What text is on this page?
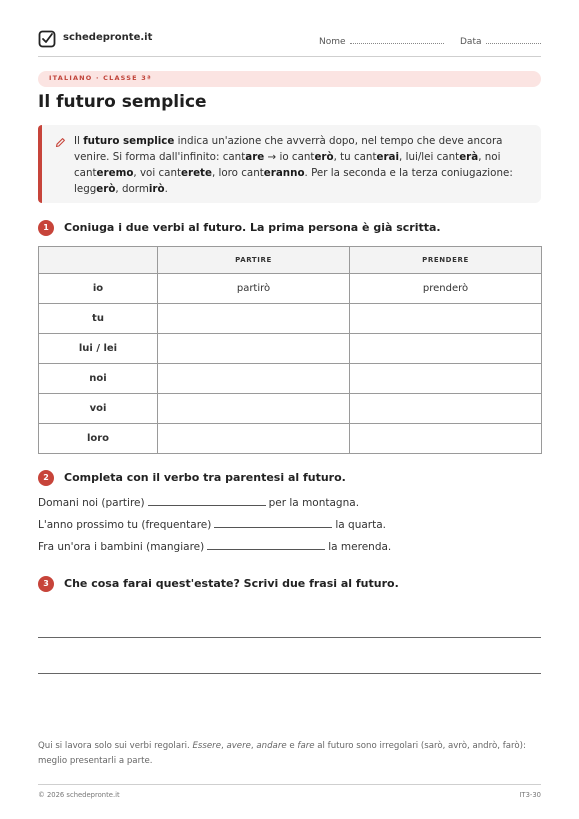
schedepronte.it	Nome	Data
ITALIANO · CLASSE 3ª
Il futuro semplice

Il futuro semplice indica un'azione che avverrà dopo, nel tempo che deve ancora venire. Si forma dall'infinito: cantare → io canterò, tu canterai, lui/lei canterà, noi canteremo, voi canterete, loro canteranno. Per la seconda e la terza coniugazione: leggerò, dormirò.

1	Coniuga i due verbi al futuro. La prima persona è già scritta.
	PARTIRE	PRENDERE
io	partirò	prenderò
tu		
lui / lei		
noi		
voi		
loro		
2	Completa con il verbo tra parentesi al futuro.
Domani noi (partire)	per la montagna.
L'anno prossimo tu (frequentare)	la quarta.
Fra un'ora i bambini (mangiare)	la merenda.
3	Che cosa farai quest'estate? Scrivi due frasi al futuro.
Qui si lavora solo sui verbi regolari. Essere, avere, andare e fare al futuro sono irregolari (sarò, avrò, andrò, farò): meglio presentarli a parte.
© 2026 schedepronte.it	IT3-30
